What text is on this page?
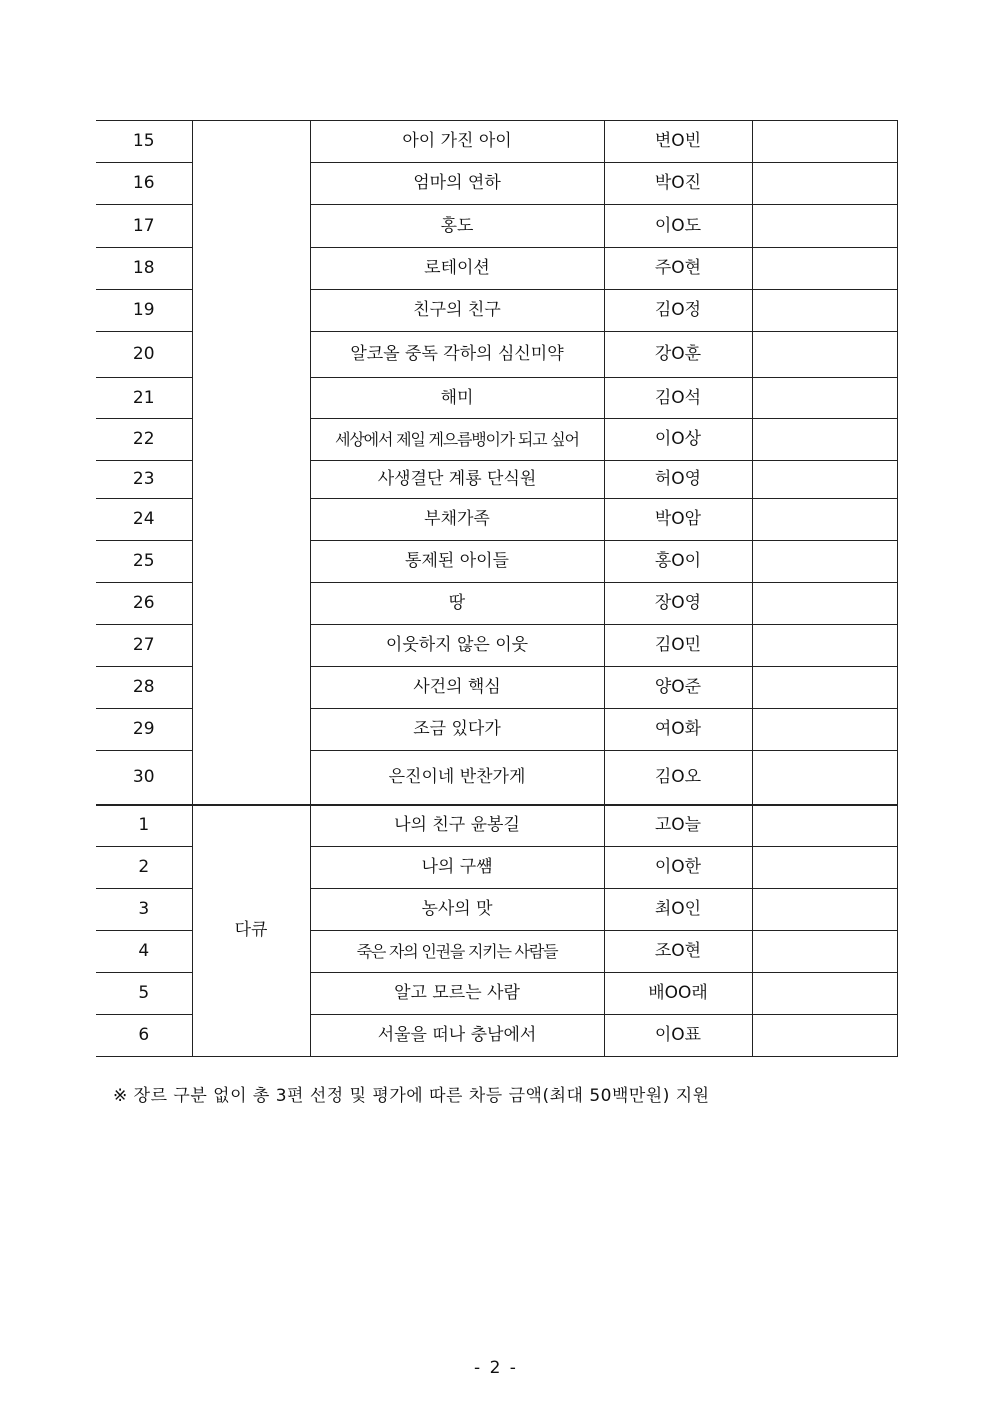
15		아이 가진 아이	변O빈	
16		엄마의 연하	박O진	
17		홍도	이O도	
18		로테이션	주O현	
19		친구의 친구	김O정	
20		알코올 중독 각하의 심신미약	강O훈	
21		해미	김O석	
22		세상에서 제일 게으름뱅이가 되고 싶어	이O상	
23		사생결단 계룡 단식원	허O영	
24		부채가족	박O암	
25		통제된 아이들	홍O이	
26		땅	장O영	
27		이웃하지 않은 이웃	김O민	
28		사건의 핵심	양O준	
29		조금 있다가	여O화	
30		은진이네 반찬가게	김O오	
1	다큐	나의 친구 윤봉길	고O늘	
2		나의 구썜	이O한	
3		농사의 맛	최O인	
4		죽은 자의 인권을 지키는 사람들	조O현	
5		알고 모르는 사람	배OO래	
6		서울을 떠나 충남에서	이O표	
※ 장르 구분 없이 총 3편 선정 및 평가에 따른 차등 금액(최대 50백만원) 지원
- 2 -
